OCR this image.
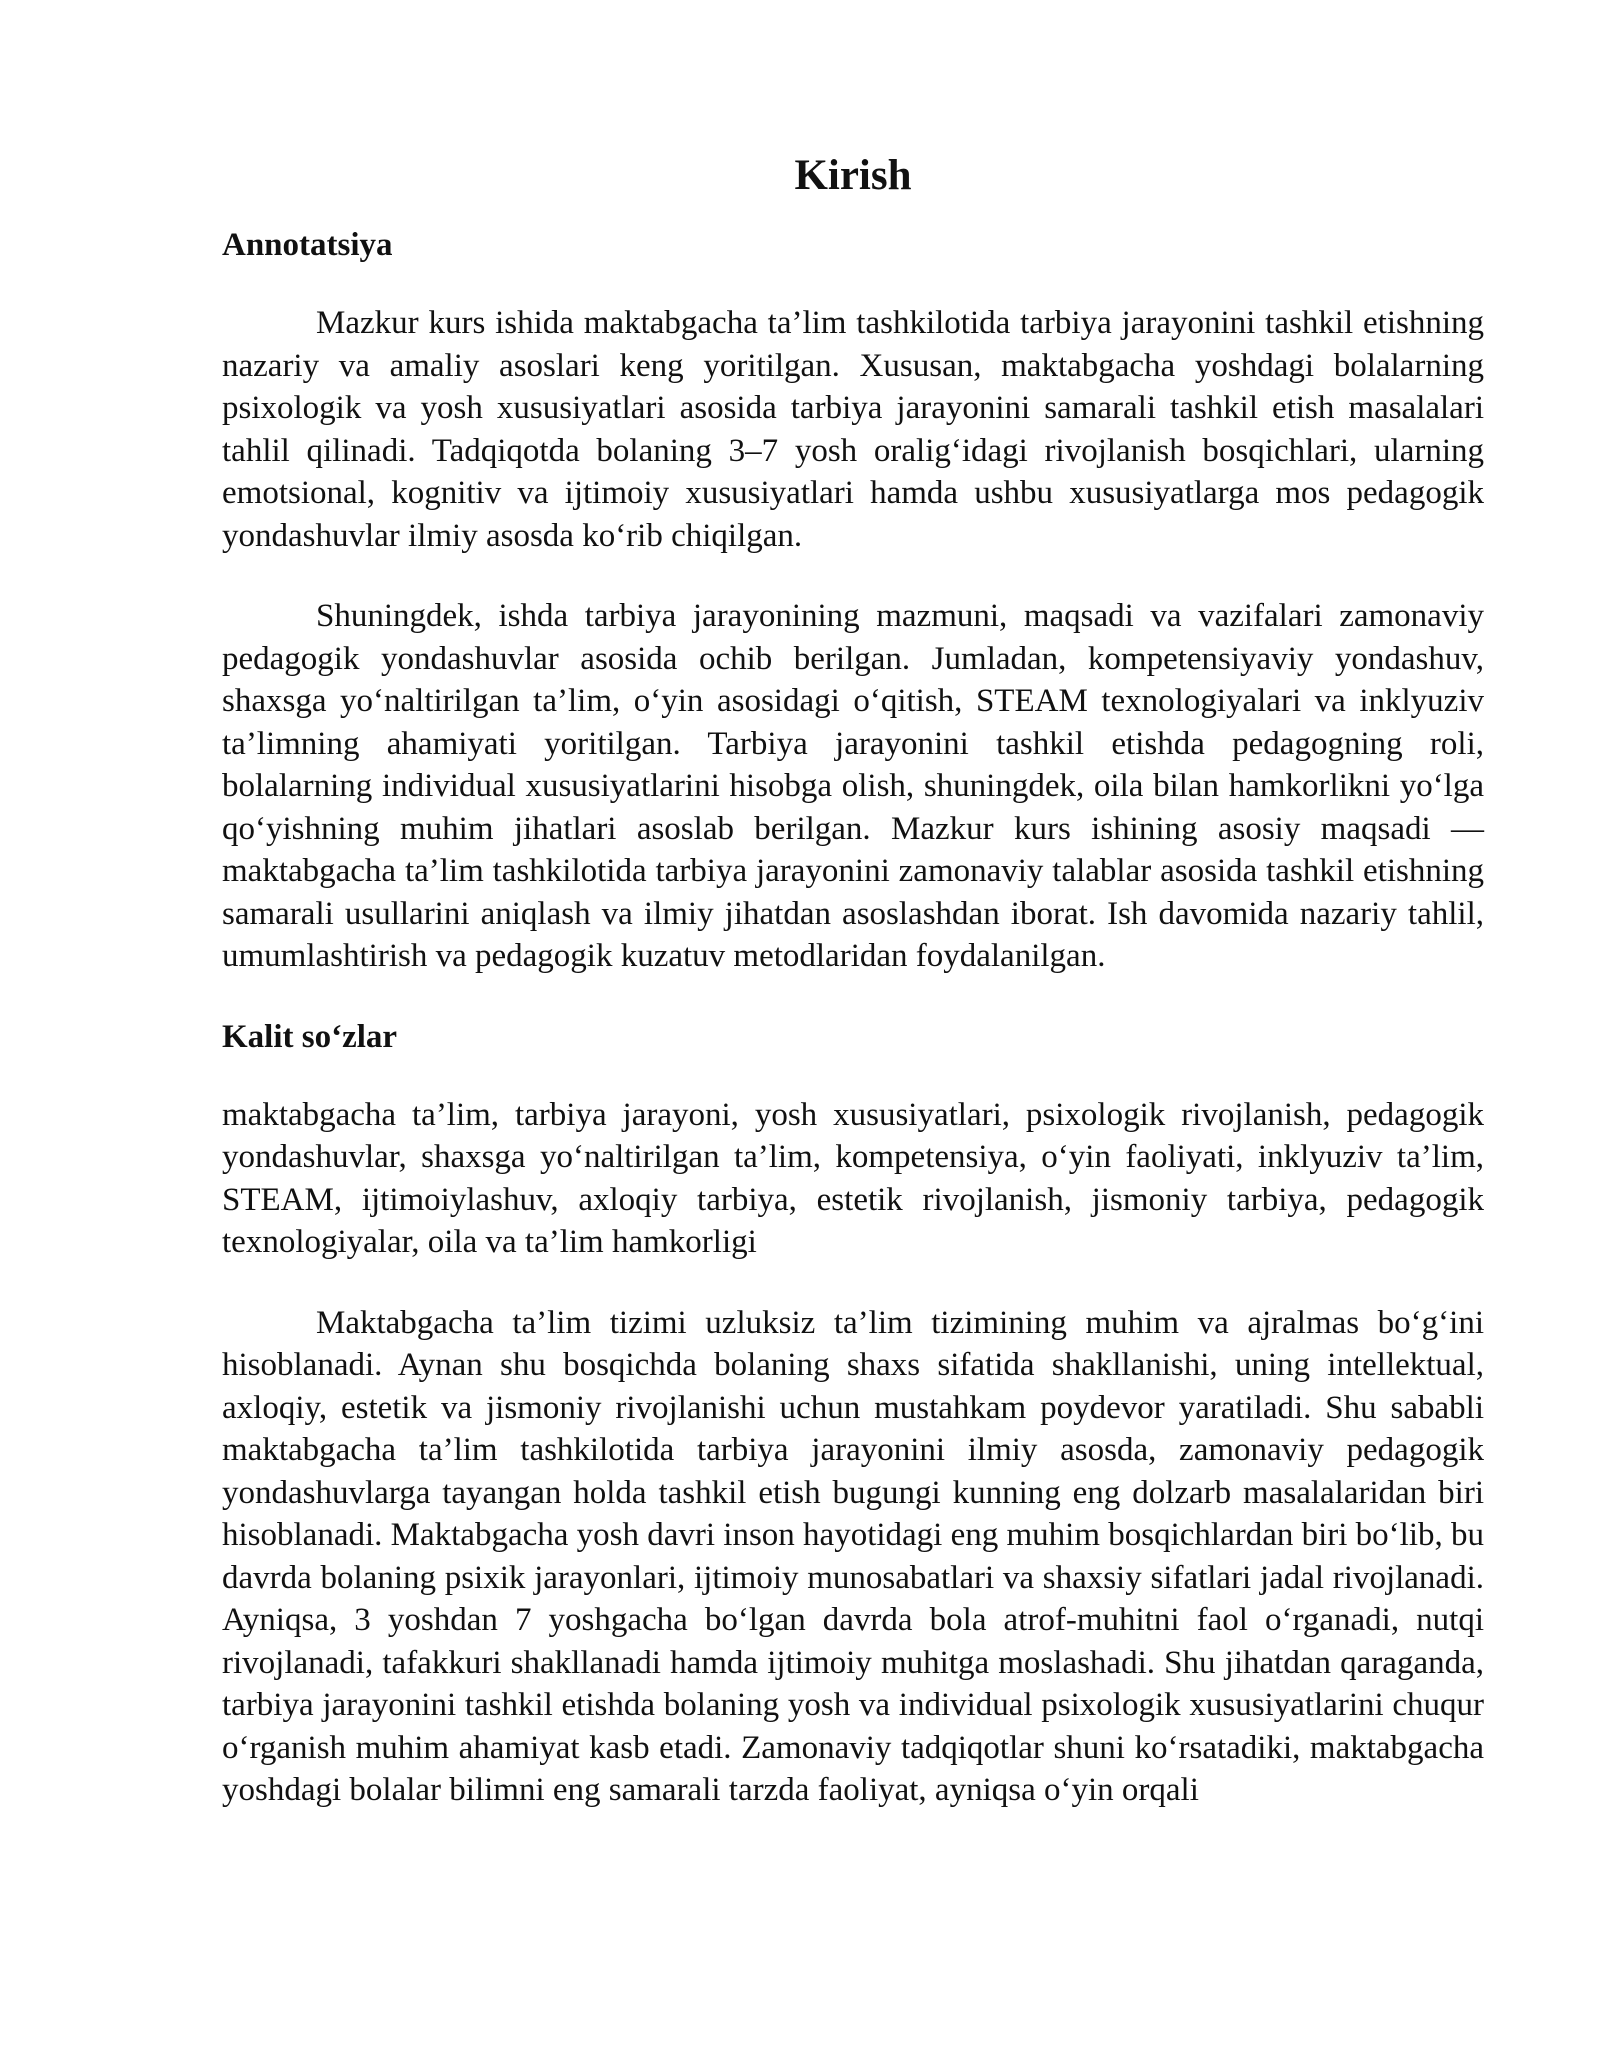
Kirish
Annotatsiya

Mazkur kurs ishida maktabgacha ta’lim tashkilotida tarbiya jarayonini tashkil etishning nazariy va amaliy asoslari keng yoritilgan. Xususan, maktabgacha yoshdagi bolalarning psixologik va yosh xususiyatlari asosida tarbiya jarayonini samarali tashkil etish masalalari tahlil qilinadi. Tadqiqotda bolaning 3–7 yosh oralig‘idagi rivojlanish bosqichlari, ularning emotsional, kognitiv va ijtimoiy xususiyatlari hamda ushbu xususiyatlarga mos pedagogik yondashuvlar ilmiy asosda ko‘rib chiqilgan.

Shuningdek, ishda tarbiya jarayonining mazmuni, maqsadi va vazifalari zamonaviy pedagogik yondashuvlar asosida ochib berilgan. Jumladan, kompetensiyaviy yondashuv, shaxsga yo‘naltirilgan ta’lim, o‘yin asosidagi o‘qitish, STEAM texnologiyalari va inklyuziv ta’limning ahamiyati yoritilgan. Tarbiya jarayonini tashkil etishda pedagogning roli, bolalarning individual xususiyatlarini hisobga olish, shuningdek, oila bilan hamkorlikni yo‘lga qo‘yishning muhim jihatlari asoslab berilgan. Mazkur kurs ishining asosiy maqsadi — maktabgacha ta’lim tashkilotida tarbiya jarayonini zamonaviy talablar asosida tashkil etishning samarali usullarini aniqlash va ilmiy jihatdan asoslashdan iborat. Ish davomida nazariy tahlil, umumlashtirish va pedagogik kuzatuv metodlaridan foydalanilgan.

Kalit so‘zlar

maktabgacha ta’lim, tarbiya jarayoni, yosh xususiyatlari, psixologik rivojlanish, pedagogik yondashuvlar, shaxsga yo‘naltirilgan ta’lim, kompetensiya, o‘yin faoliyati, inklyuziv ta’lim, STEAM, ijtimoiylashuv, axloqiy tarbiya, estetik rivojlanish, jismoniy tarbiya, pedagogik texnologiyalar, oila va ta’lim hamkorligi

Maktabgacha ta’lim tizimi uzluksiz ta’lim tizimining muhim va ajralmas bo‘g‘ini hisoblanadi. Aynan shu bosqichda bolaning shaxs sifatida shakllanishi, uning intellektual, axloqiy, estetik va jismoniy rivojlanishi uchun mustahkam poydevor yaratiladi. Shu sababli maktabgacha ta’lim tashkilotida tarbiya jarayonini ilmiy asosda, zamonaviy pedagogik yondashuvlarga tayangan holda tashkil etish bugungi kunning eng dolzarb masalalaridan biri hisoblanadi. Maktabgacha yosh davri inson hayotidagi eng muhim bosqichlardan biri bo‘lib, bu davrda bolaning psixik jarayonlari, ijtimoiy munosabatlari va shaxsiy sifatlari jadal rivojlanadi. Ayniqsa, 3 yoshdan 7 yoshgacha bo‘lgan davrda bola atrof-muhitni faol o‘rganadi, nutqi rivojlanadi, tafakkuri shakllanadi hamda ijtimoiy muhitga moslashadi. Shu jihatdan qaraganda, tarbiya jarayonini tashkil etishda bolaning yosh va individual psixologik xususiyatlarini chuqur o‘rganish muhim ahamiyat kasb etadi. Zamonaviy tadqiqotlar shuni ko‘rsatadiki, maktabgacha yoshdagi bolalar bilimni eng samarali tarzda faoliyat, ayniqsa o‘yin orqali
